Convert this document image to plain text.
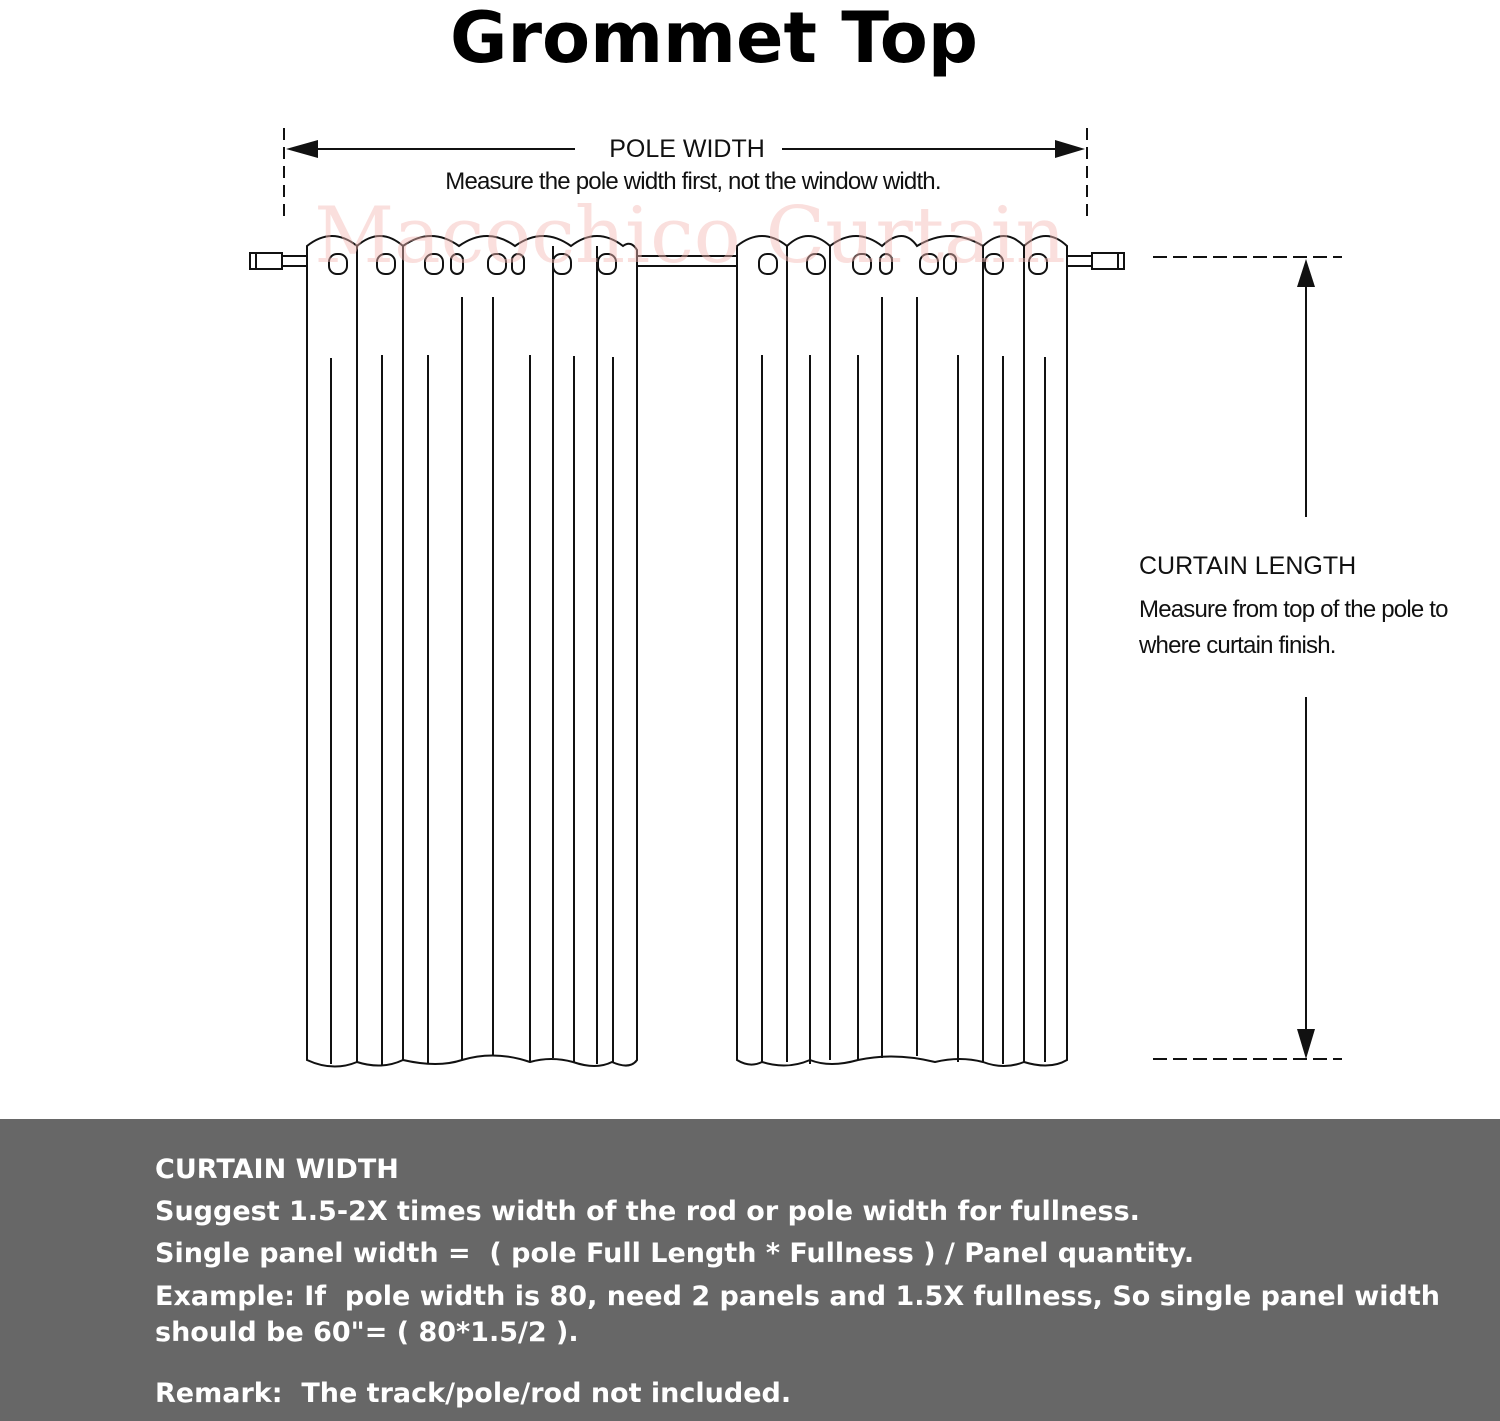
Grommet Top
POLE WIDTH
Measure the pole width first, not the window width.
Macochico Curtain
CURTAIN LENGTH
Measure from top of the pole to
where curtain finish.
CURTAIN WIDTH
Suggest 1.5-2X times width of the rod or pole width for fullness.
Single panel width =  ( pole Full Length * Fullness ) / Panel quantity.
Example: If  pole width is 80, need 2 panels and 1.5X fullness, So single panel width
should be 60"= ( 80*1.5/2 ).
Remark:  The track/pole/rod not included.
